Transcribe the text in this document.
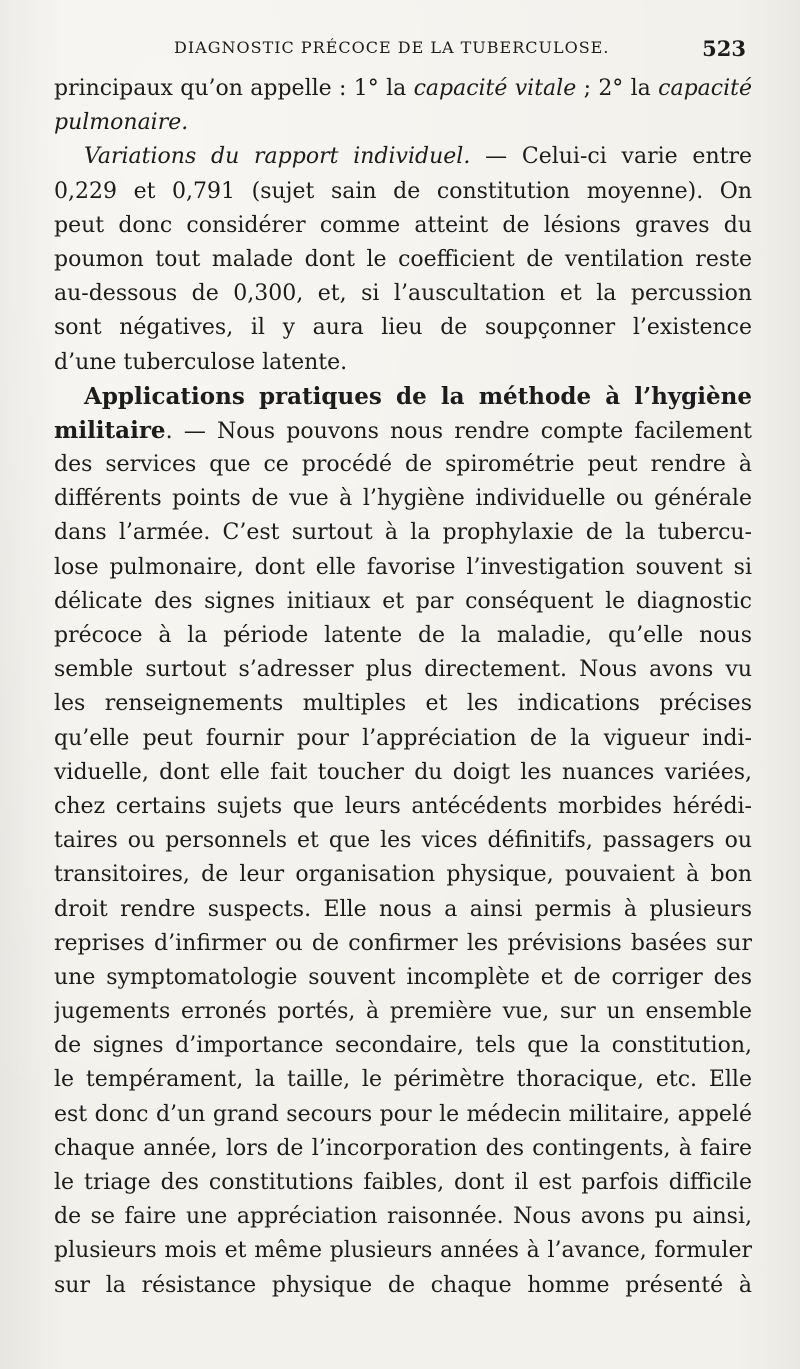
DIAGNOSTIC PRÉCOCE DE LA TUBERCULOSE.	523
principaux qu’on appelle : 1° la capacité vitale ; 2° la capacité
pulmonaire.
Variations du rapport individuel. — Celui-ci varie entre
0,229 et 0,791 (sujet sain de constitution moyenne). On
peut donc considérer comme atteint de lésions graves du
poumon tout malade dont le coefficient de ventilation reste
au-dessous de 0,300, et, si l’auscultation et la percussion
sont négatives, il y aura lieu de soupçonner l’existence
d’une tuberculose latente.
Applications pratiques de la méthode à l’hygiène
militaire. — Nous pouvons nous rendre compte facilement
des services que ce procédé de spirométrie peut rendre à
différents points de vue à l’hygiène individuelle ou générale
dans l’armée. C’est surtout à la prophylaxie de la tubercu-
lose pulmonaire, dont elle favorise l’investigation souvent si
délicate des signes initiaux et par conséquent le diagnostic
précoce à la période latente de la maladie, qu’elle nous
semble surtout s’adresser plus directement. Nous avons vu
les renseignements multiples et les indications précises
qu’elle peut fournir pour l’appréciation de la vigueur indi-
viduelle, dont elle fait toucher du doigt les nuances variées,
chez certains sujets que leurs antécédents morbides hérédi-
taires ou personnels et que les vices définitifs, passagers ou
transitoires, de leur organisation physique, pouvaient à bon
droit rendre suspects. Elle nous a ainsi permis à plusieurs
reprises d’infirmer ou de confirmer les prévisions basées sur
une symptomatologie souvent incomplète et de corriger des
jugements erronés portés, à première vue, sur un ensemble
de signes d’importance secondaire, tels que la constitution,
le tempérament, la taille, le périmètre thoracique, etc. Elle
est donc d’un grand secours pour le médecin militaire, appelé
chaque année, lors de l’incorporation des contingents, à faire
le triage des constitutions faibles, dont il est parfois difficile
de se faire une appréciation raisonnée. Nous avons pu ainsi,
plusieurs mois et même plusieurs années à l’avance, formuler
sur la résistance physique de chaque homme présenté à
